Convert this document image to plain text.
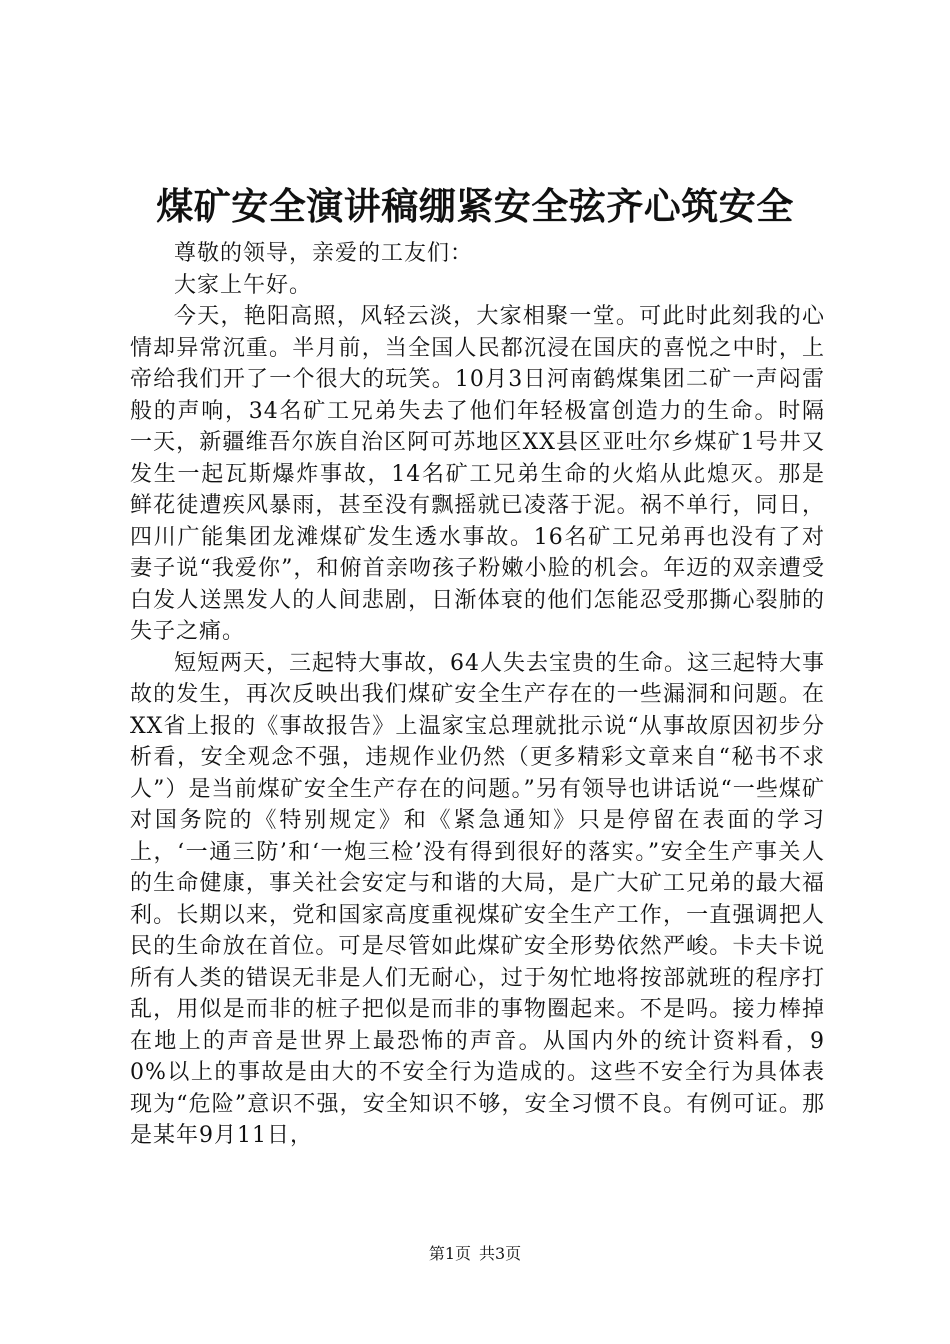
煤矿安全演讲稿绷紧安全弦齐心筑安全

尊敬的领导，亲爱的工友们：

大家上午好。

今天，艳阳高照，风轻云淡，大家相聚一堂。可此时此刻我的心情却异常沉重。半月前，当全国人民都沉浸在国庆的喜悦之中时，上帝给我们开了一个很大的玩笑。10月3日河南鹤煤集团二矿一声闷雷般的声响，34名矿工兄弟失去了他们年轻极富创造力的生命。时隔一天，新疆维吾尔族自治区阿可苏地区XX县区亚吐尔乡煤矿1号井又发生一起瓦斯爆炸事故，14名矿工兄弟生命的火焰从此熄灭。那是鲜花徒遭疾风暴雨，甚至没有飘摇就已凌落于泥。祸不单行，同日，四川广能集团龙滩煤矿发生透水事故。16名矿工兄弟再也没有了对妻子说“我爱你”，和俯首亲吻孩子粉嫩小脸的机会。年迈的双亲遭受白发人送黑发人的人间悲剧，日渐体衰的他们怎能忍受那撕心裂肺的失子之痛。

短短两天，三起特大事故，64人失去宝贵的生命。这三起特大事故的发生，再次反映出我们煤矿安全生产存在的一些漏洞和问题。在XX省上报的《事故报告》上温家宝总理就批示说“从事故原因初步分析看，安全观念不强，违规作业仍然（更多精彩文章来自“秘书不求人”）是当前煤矿安全生产存在的问题。”另有领导也讲话说“一些煤矿对国务院的《特别规定》和《紧急通知》只是停留在表面的学习上，‘一通三防’和‘一炮三检’没有得到很好的落实。”安全生产事关人的生命健康，事关社会安定与和谐的大局，是广大矿工兄弟的最大福利。长期以来，党和国家高度重视煤矿安全生产工作，一直强调把人民的生命放在首位。可是尽管如此煤矿安全形势依然严峻。卡夫卡说所有人类的错误无非是人们无耐心，过于匆忙地将按部就班的程序打乱，用似是而非的桩子把似是而非的事物圈起来。不是吗。接力棒掉在地上的声音是世界上最恐怖的声音。从国内外的统计资料看，90%以上的事故是由大的不安全行为造成的。这些不安全行为具体表现为“危险”意识不强，安全知识不够，安全习惯不良。有例可证。那是某年9月11日，

第1页 共3页
